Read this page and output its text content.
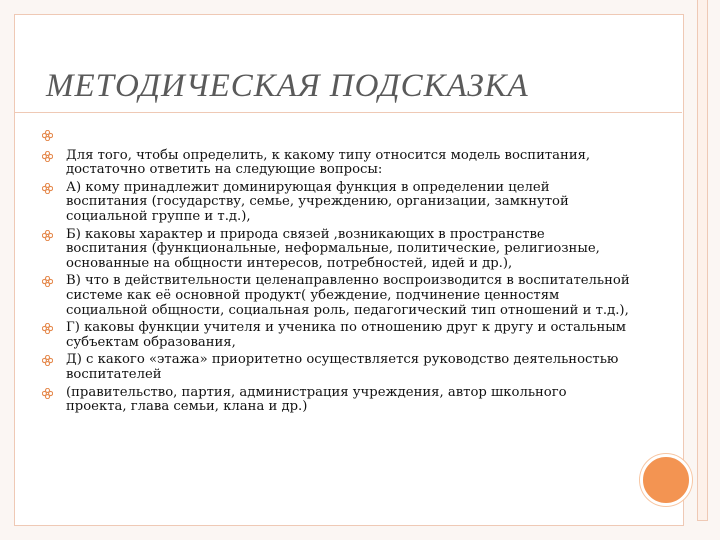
МЕТОДИЧЕСКАЯ ПОДСКАЗКА
Для того, чтобы определить, к какому типу относится модель воспитания, достаточно ответить на следующие вопросы:
А) кому принадлежит доминирующая функция в определении целей воспитания (государству, семье, учреждению, организации, замкнутой социальной группе и т.д.),
Б) каковы характер и природа связей ,возникающих в пространстве воспитания (функциональные, неформальные, политические, религиозные, основанные на общности интересов, потребностей, идей и др.),
В) что в действительности целенаправленно воспроизводится в воспитательной системе как её основной продукт( убеждение, подчинение ценностям социальной общности, социальная роль, педагогический тип отношений и т.д.),
Г) каковы функции учителя и ученика по отношению друг к другу и остальным субъектам образования,
Д) с какого «этажа» приоритетно осуществляется руководство деятельностью воспитателей
(правительство, партия, администрация учреждения, автор школьного проекта, глава семьи, клана и др.)
